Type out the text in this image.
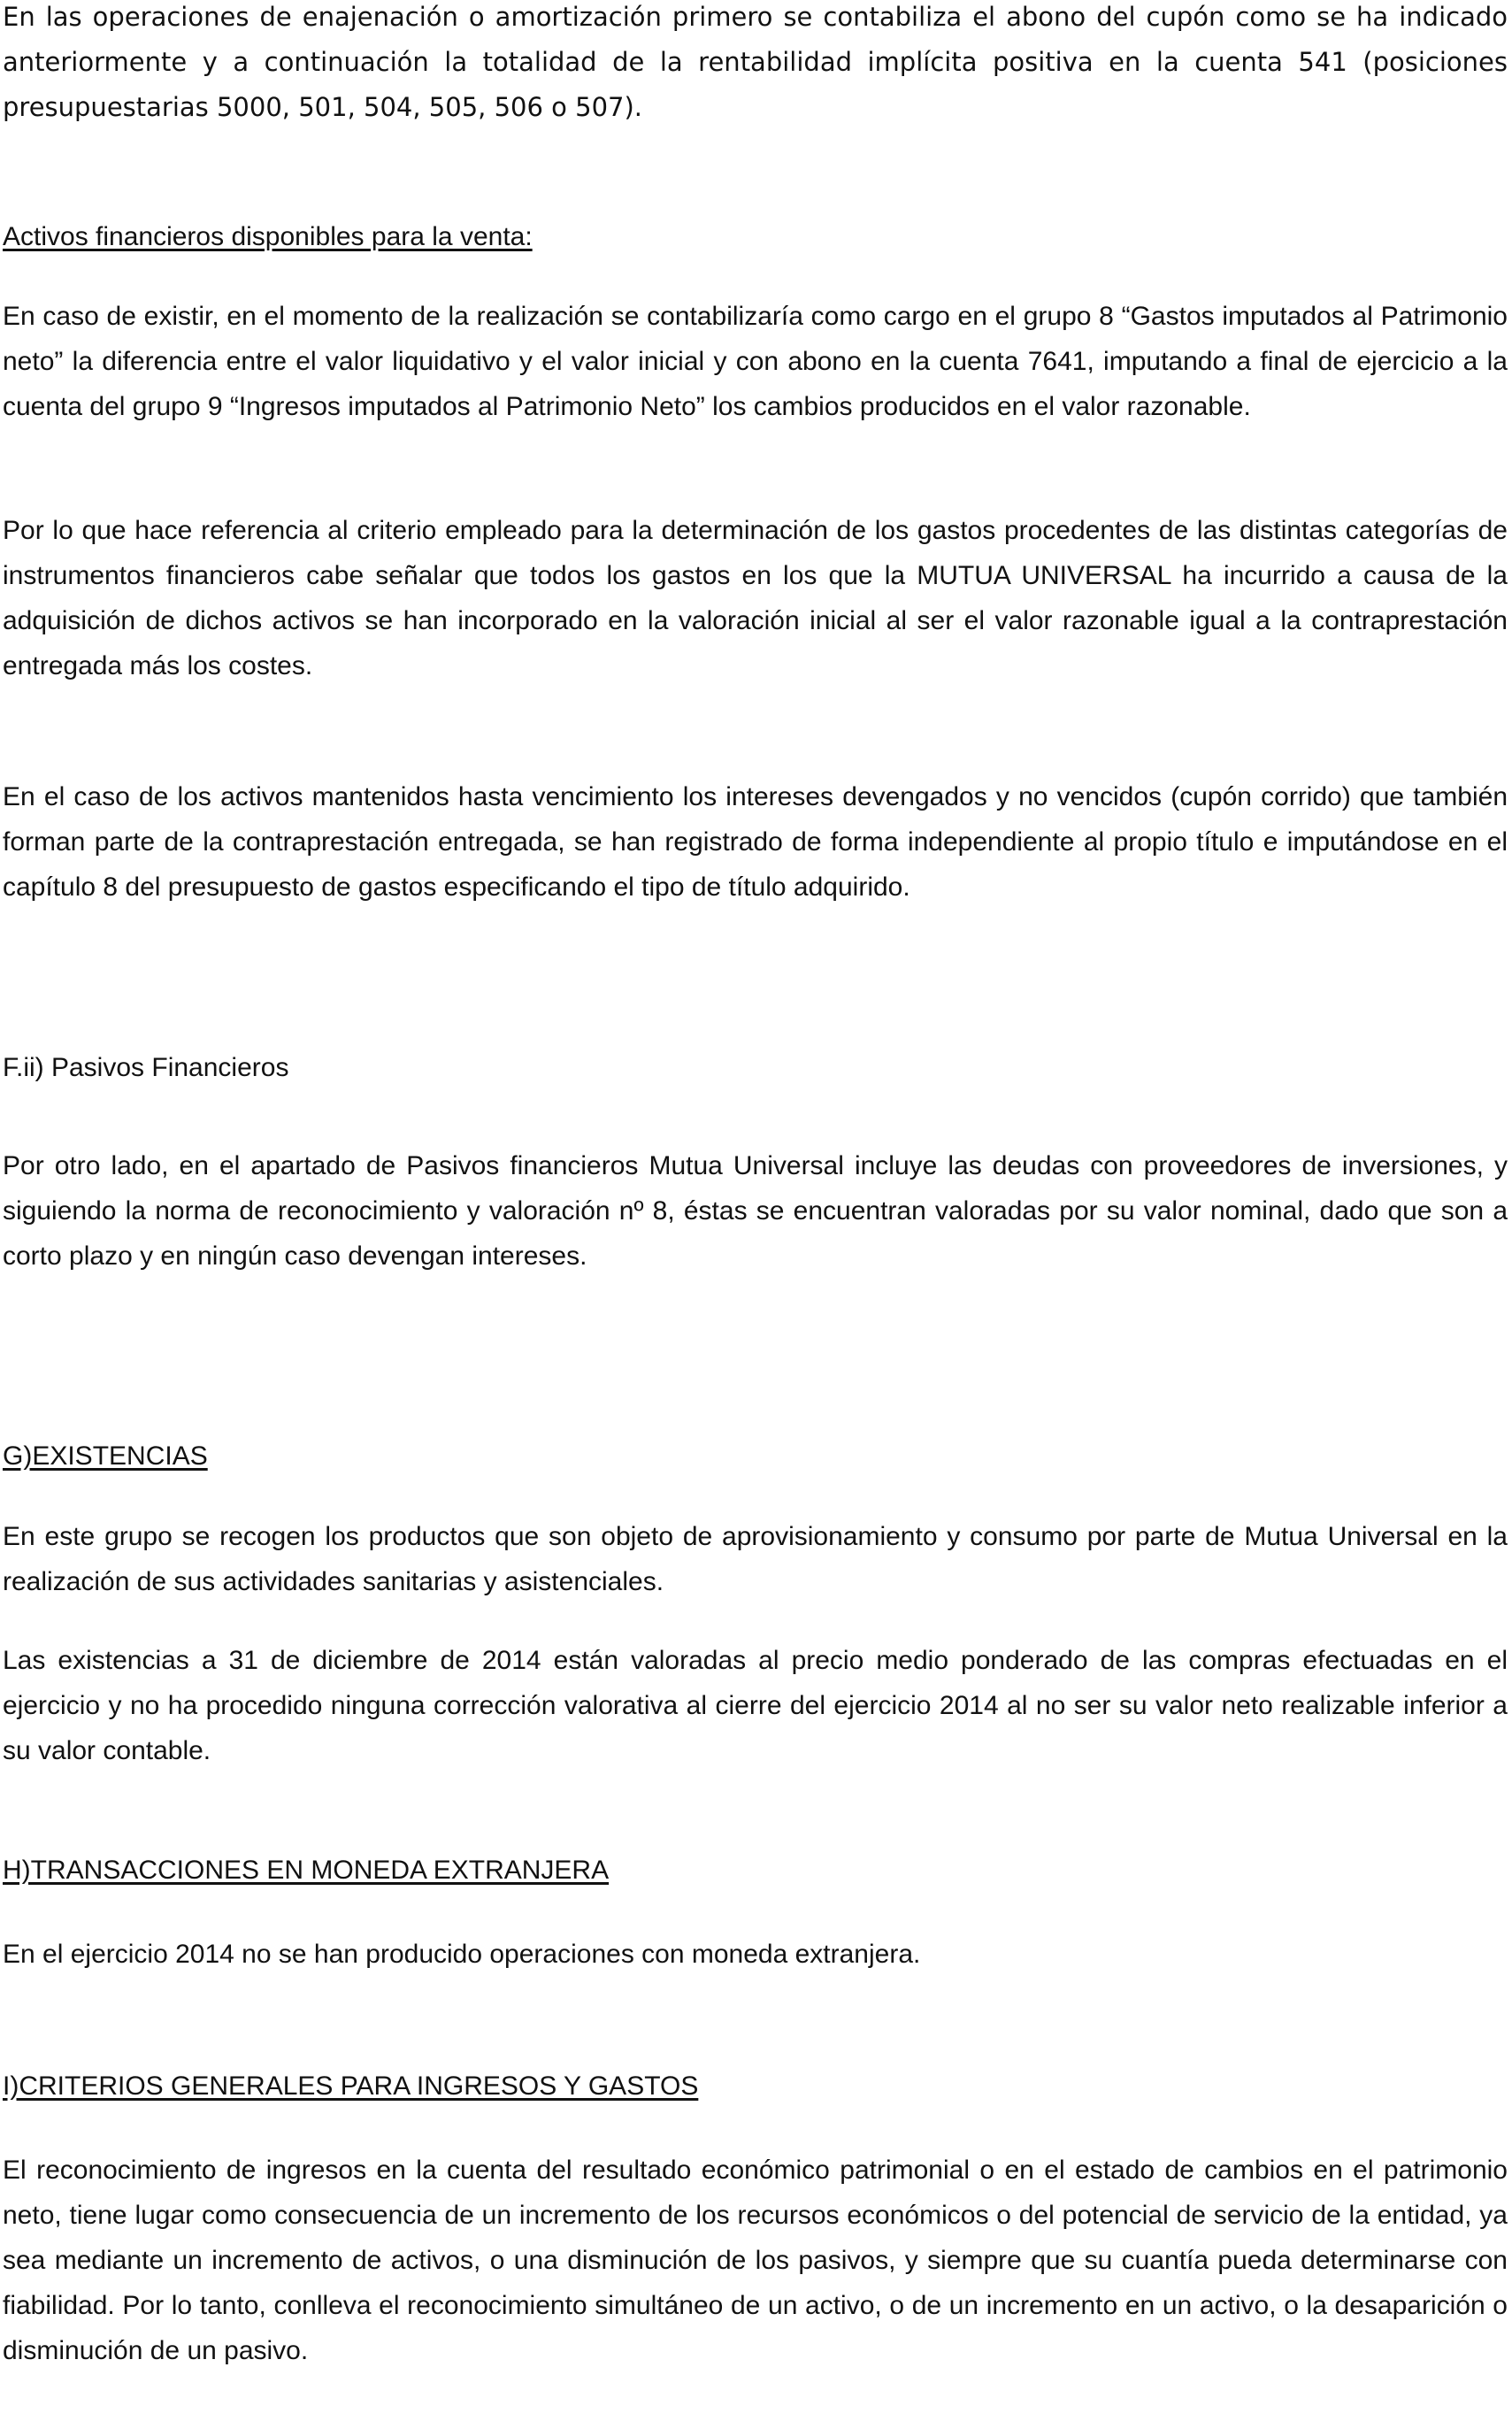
En las operaciones de enajenación o amortización primero se contabiliza el abono del cupón como se ha indicado anteriormente y a continuación la totalidad de la rentabilidad implícita positiva en la cuenta 541 (posiciones presupuestarias 5000, 501, 504, 505, 506 o 507).

Activos financieros disponibles para la venta:

En caso de existir, en el momento de la realización se contabilizaría como cargo en el grupo 8 “Gastos imputados al Patrimonio neto” la diferencia entre el valor liquidativo y el valor inicial y con abono en la cuenta 7641, imputando a final de ejercicio a la cuenta del grupo 9 “Ingresos imputados al Patrimonio Neto” los cambios producidos en el valor razonable.

Por lo que hace referencia al criterio empleado para la determinación de los gastos procedentes de las distintas categorías de instrumentos financieros cabe señalar que todos los gastos en los que la MUTUA UNIVERSAL ha incurrido a causa de la adquisición de dichos activos se han incorporado en la valoración inicial al ser el valor razonable igual a la contraprestación entregada más los costes.

En el caso de los activos mantenidos hasta vencimiento los intereses devengados y no vencidos (cupón corrido) que también forman parte de la contraprestación entregada, se han registrado de forma independiente al propio título e imputándose en el capítulo 8 del presupuesto de gastos especificando el tipo de título adquirido.

F.ii) Pasivos Financieros

Por otro lado, en el apartado de Pasivos financieros Mutua Universal incluye las deudas con proveedores de inversiones, y siguiendo la norma de reconocimiento y valoración nº 8, éstas se encuentran valoradas por su valor nominal, dado que son a corto plazo y en ningún caso devengan intereses.

G)EXISTENCIAS

En este grupo se recogen los productos que son objeto de aprovisionamiento y consumo por parte de Mutua Universal en la realización de sus actividades sanitarias y asistenciales.

Las existencias a 31 de diciembre de 2014 están valoradas al precio medio ponderado de las compras efectuadas en el ejercicio y no ha procedido ninguna corrección valorativa al cierre del ejercicio 2014 al no ser su valor neto realizable inferior a su valor contable.

H)TRANSACCIONES EN MONEDA EXTRANJERA

En el ejercicio 2014 no se han producido operaciones con moneda extranjera.

I)CRITERIOS GENERALES PARA INGRESOS Y GASTOS

El reconocimiento de ingresos en la cuenta del resultado económico patrimonial o en el estado de cambios en el patrimonio neto, tiene lugar como consecuencia de un incremento de los recursos económicos o del potencial de servicio de la entidad, ya sea mediante un incremento de activos, o una disminución de los pasivos, y siempre que su cuantía pueda determinarse con fiabilidad. Por lo tanto, conlleva el reconocimiento simultáneo de un activo, o de un incremento en un activo, o la desaparición o disminución de un pasivo.
